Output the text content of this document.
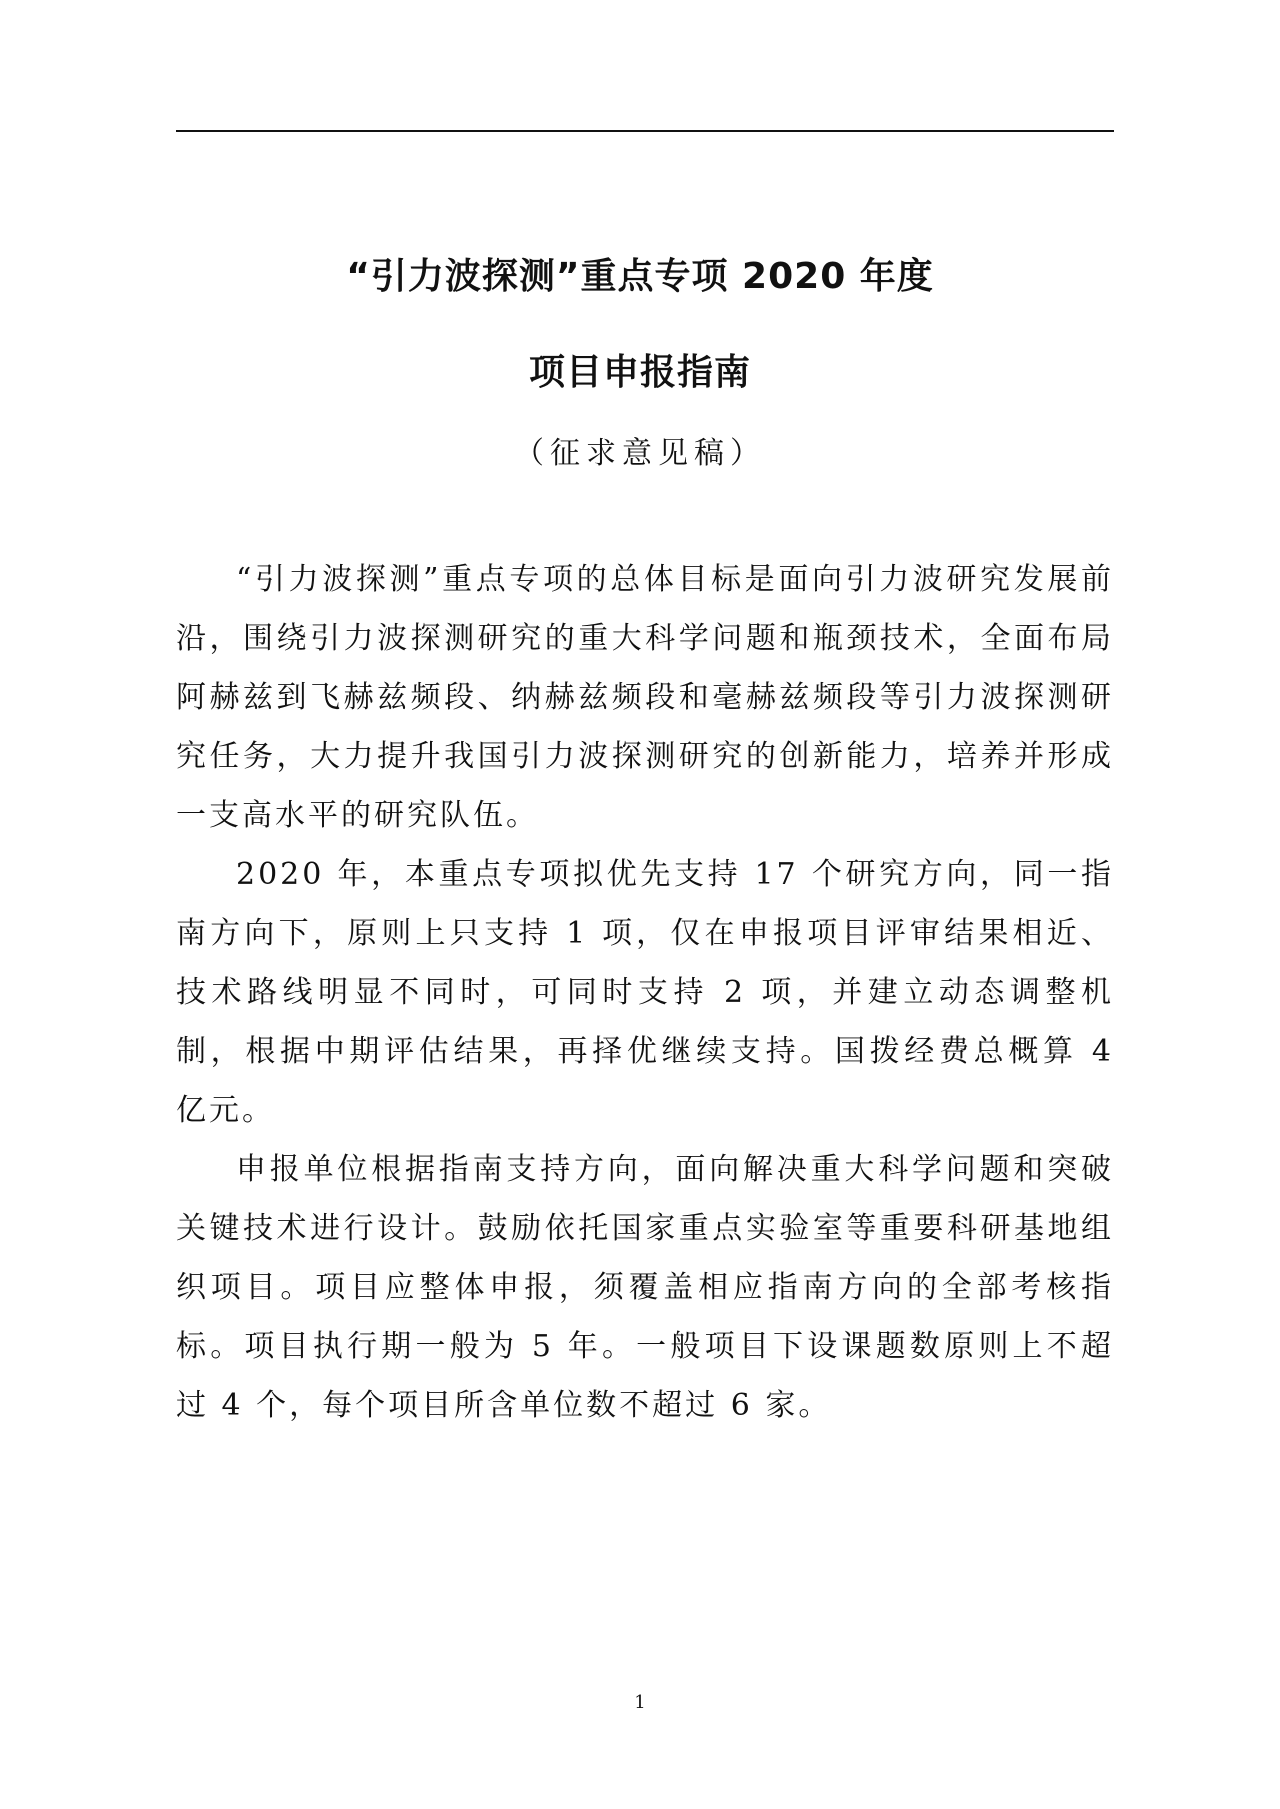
“引力波探测”重点专项 2020 年度
项目申报指南

（征求意见稿）

“引力波探测”重点专项的总体目标是面向引力波研究发展前沿，围绕引力波探测研究的重大科学问题和瓶颈技术，全面布局阿赫兹到飞赫兹频段、纳赫兹频段和毫赫兹频段等引力波探测研究任务，大力提升我国引力波探测研究的创新能力，培养并形成一支高水平的研究队伍。

2020 年，本重点专项拟优先支持 17 个研究方向，同一指南方向下，原则上只支持 1 项，仅在申报项目评审结果相近、技术路线明显不同时，可同时支持 2 项，并建立动态调整机制，根据中期评估结果，再择优继续支持。国拨经费总概算 4 亿元。

申报单位根据指南支持方向，面向解决重大科学问题和突破关键技术进行设计。鼓励依托国家重点实验室等重要科研基地组织项目。项目应整体申报，须覆盖相应指南方向的全部考核指标。项目执行期一般为 5 年。一般项目下设课题数原则上不超过 4 个，每个项目所含单位数不超过 6 家。

1
